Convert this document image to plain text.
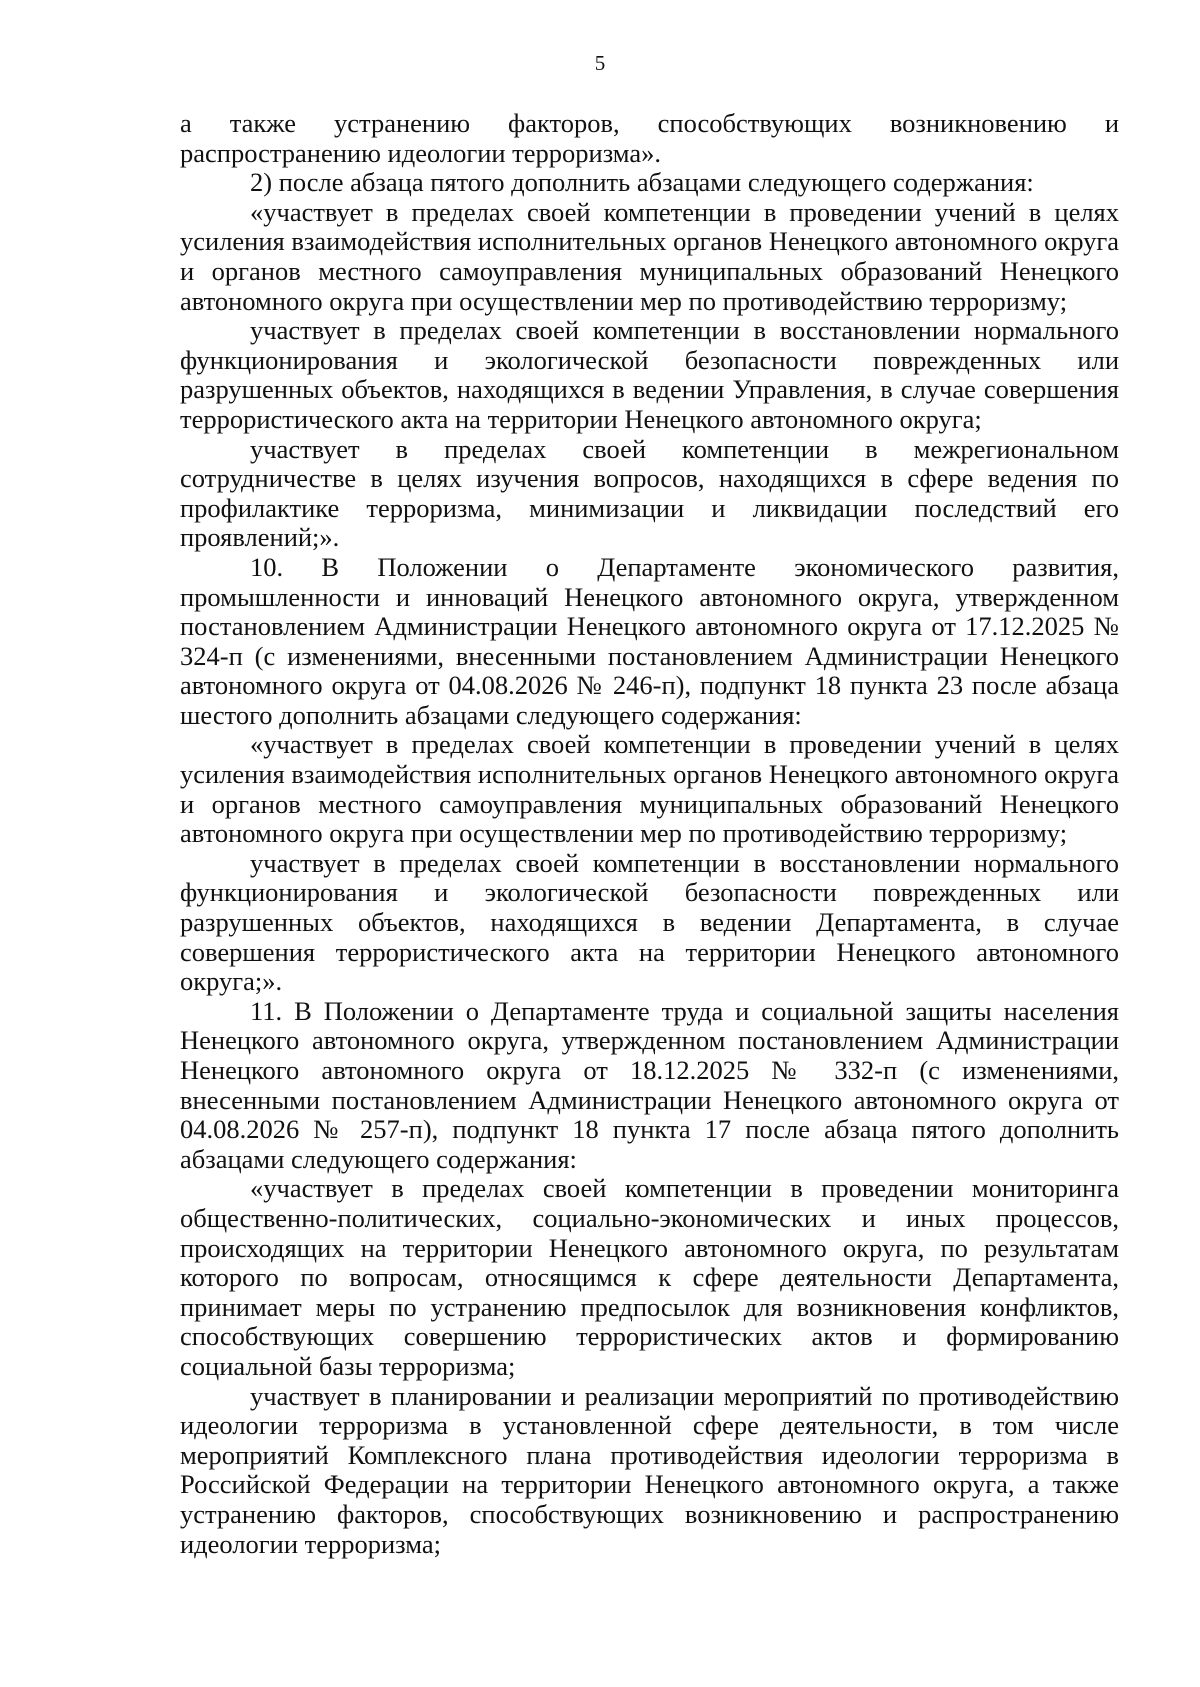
5

а также устранению факторов, способствующих возникновению и распространению идеологии терроризма».

2) после абзаца пятого дополнить абзацами следующего содержания:

«участвует в пределах своей компетенции в проведении учений в целях усиления взаимодействия исполнительных органов Ненецкого автономного округа и органов местного самоуправления муниципальных образований Ненецкого автономного округа при осуществлении мер по противодействию терроризму;

участвует в пределах своей компетенции в восстановлении нормального функционирования и экологической безопасности поврежденных или разрушенных объектов, находящихся в ведении Управления, в случае совершения террористического акта на территории Ненецкого автономного округа;

участвует в пределах своей компетенции в межрегиональном сотрудничестве в целях изучения вопросов, находящихся в сфере ведения по профилактике терроризма, минимизации и ликвидации последствий его проявлений;».

10. В Положении о Департаменте экономического развития, промышленности и инноваций Ненецкого автономного округа, утвержденном постановлением Администрации Ненецкого автономного округа от 17.12.2025 № 324-п (с изменениями, внесенными постановлением Администрации Ненецкого автономного округа от 04.08.2026 № 246-п), подпункт 18 пункта 23 после абзаца шестого дополнить абзацами следующего содержания:

«участвует в пределах своей компетенции в проведении учений в целях усиления взаимодействия исполнительных органов Ненецкого автономного округа и органов местного самоуправления муниципальных образований Ненецкого автономного округа при осуществлении мер по противодействию терроризму;

участвует в пределах своей компетенции в восстановлении нормального функционирования и экологической безопасности поврежденных или разрушенных объектов, находящихся в ведении Департамента, в случае совершения террористического акта на территории Ненецкого автономного округа;».

11. В Положении о Департаменте труда и социальной защиты населения Ненецкого автономного округа, утвержденном постановлением Администрации Ненецкого автономного округа от 18.12.2025 № 332-п (с изменениями, внесенными постановлением Администрации Ненецкого автономного округа от 04.08.2026 № 257-п), подпункт 18 пункта 17 после абзаца пятого дополнить абзацами следующего содержания:

«участвует в пределах своей компетенции в проведении мониторинга общественно-политических, социально-экономических и иных процессов, происходящих на территории Ненецкого автономного округа, по результатам которого по вопросам, относящимся к сфере деятельности Департамента, принимает меры по устранению предпосылок для возникновения конфликтов, способствующих совершению террористических актов и формированию социальной базы терроризма;

участвует в планировании и реализации мероприятий по противодействию идеологии терроризма в установленной сфере деятельности, в том числе мероприятий Комплексного плана противодействия идеологии терроризма в Российской Федерации на территории Ненецкого автономного округа, а также устранению факторов, способствующих возникновению и распространению идеологии терроризма;
